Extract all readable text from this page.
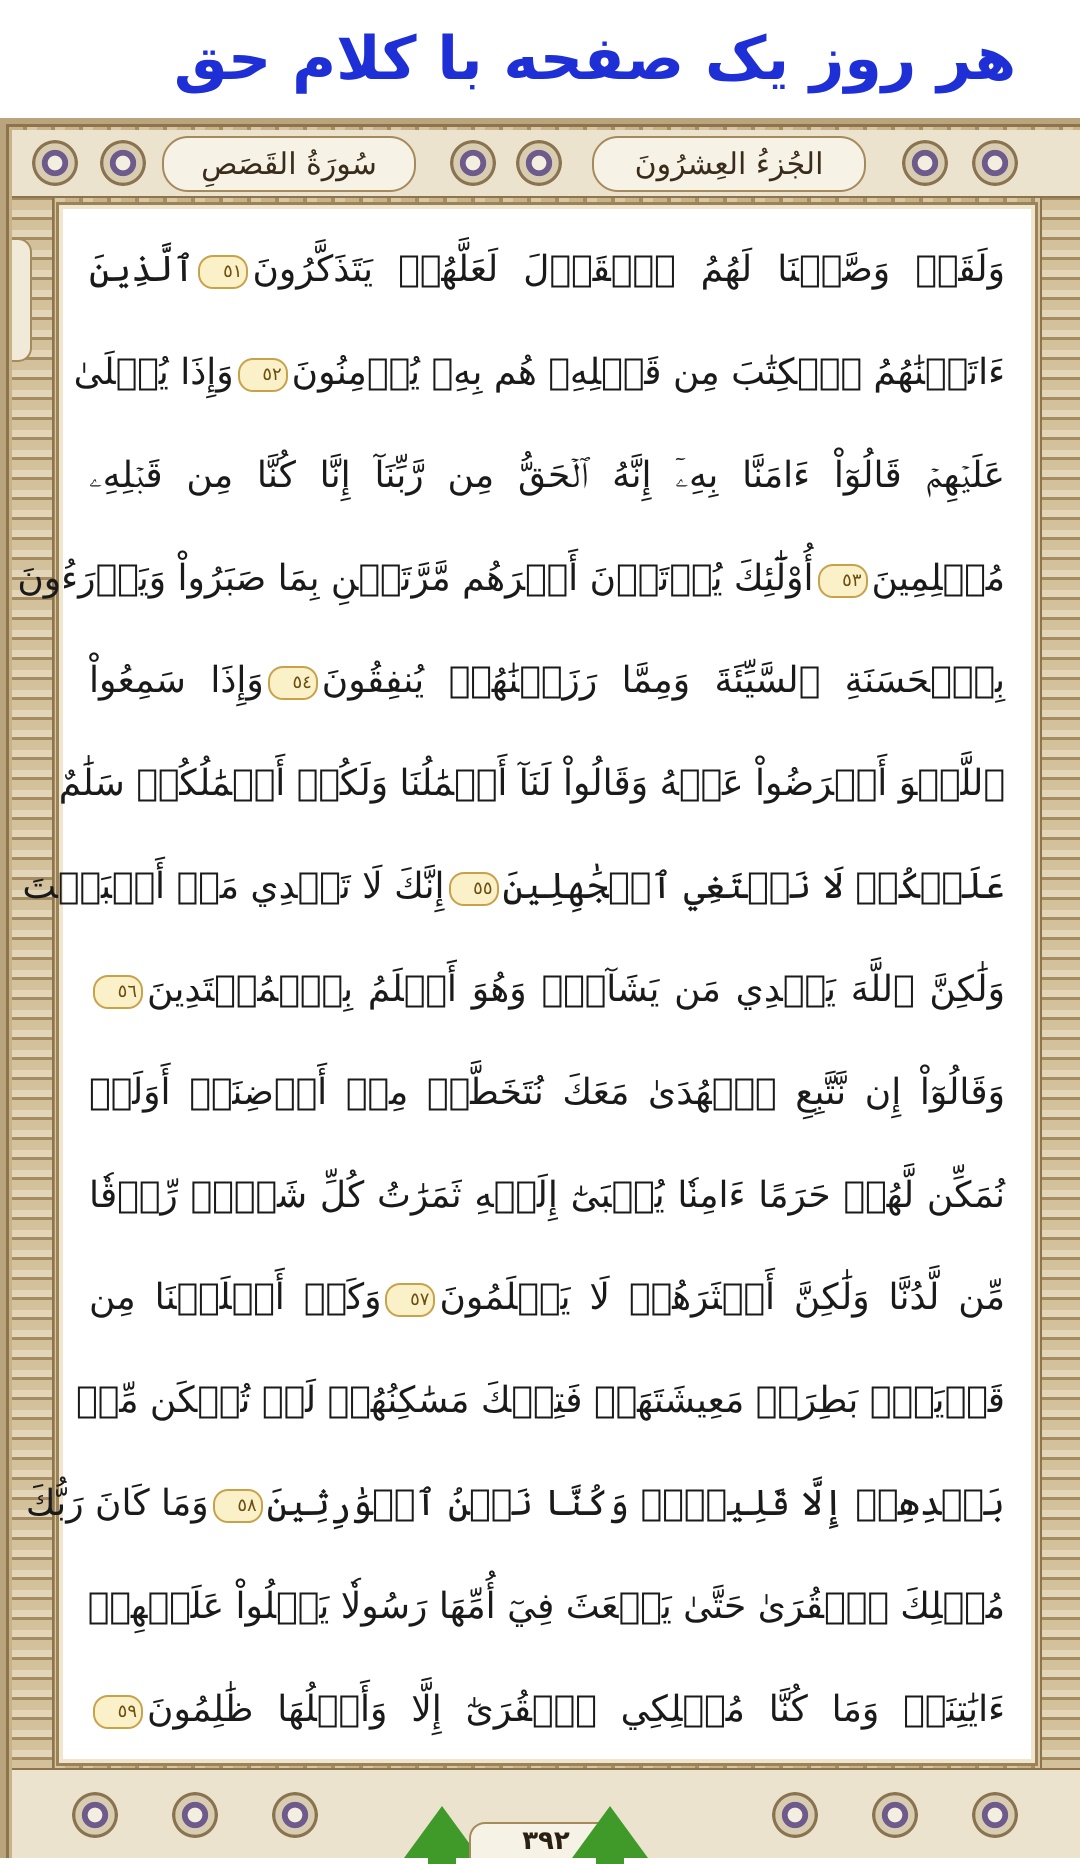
هر روز یک صفحه با کلام حق
سُورَةُ القَصَصِ	الجُزءُ العِشرُونَ
وَلَقَدۡ وَصَّلۡنَا لَهُمُ ٱلۡقَوۡلَ لَعَلَّهُمۡ يَتَذَكَّرُونَ٥١ٱلَّذِينَ
ءَاتَيۡنَٰهُمُ ٱلۡكِتَٰبَ مِن قَبۡلِهِۦ هُم بِهِۦ يُؤۡمِنُونَ٥٢وَإِذَا يُتۡلَىٰ
عَلَيۡهِمۡ قَالُوٓاْ ءَامَنَّا بِهِۦٓ إِنَّهُ ٱلۡحَقُّ مِن رَّبِّنَآ إِنَّا كُنَّا مِن قَبۡلِهِۦ
مُسۡلِمِينَ٥٣أُوْلَٰٓئِكَ يُؤۡتَوۡنَ أَجۡرَهُم مَّرَّتَيۡنِ بِمَا صَبَرُواْ وَيَدۡرَءُونَ
بِٱلۡحَسَنَةِ ٱلسَّيِّئَةَ وَمِمَّا رَزَقۡنَٰهُمۡ يُنفِقُونَ٥٤وَإِذَا سَمِعُواْ
ٱللَّغۡوَ أَعۡرَضُواْ عَنۡهُ وَقَالُواْ لَنَآ أَعۡمَٰلُنَا وَلَكُمۡ أَعۡمَٰلُكُمۡ سَلَٰمٌ
عَلَيۡكُمۡ لَا نَبۡتَغِي ٱلۡجَٰهِلِينَ٥٥إِنَّكَ لَا تَهۡدِي مَنۡ أَحۡبَبۡتَ
وَلَٰكِنَّ ٱللَّهَ يَهۡدِي مَن يَشَآءُۚ وَهُوَ أَعۡلَمُ بِٱلۡمُهۡتَدِينَ٥٦
وَقَالُوٓاْ إِن نَّتَّبِعِ ٱلۡهُدَىٰ مَعَكَ نُتَخَطَّفۡ مِنۡ أَرۡضِنَآۚ أَوَلَمۡ
نُمَكِّن لَّهُمۡ حَرَمًا ءَامِنٗا يُجۡبَىٰٓ إِلَيۡهِ ثَمَرَٰتُ كُلِّ شَيۡءٖ رِّزۡقٗا
مِّن لَّدُنَّا وَلَٰكِنَّ أَكۡثَرَهُمۡ لَا يَعۡلَمُونَ٥٧وَكَمۡ أَهۡلَكۡنَا مِن
قَرۡيَةِۭ بَطِرَتۡ مَعِيشَتَهَاۖ فَتِلۡكَ مَسَٰكِنُهُمۡ لَمۡ تُسۡكَن مِّنۢ
بَعۡدِهِمۡ إِلَّا قَلِيلٗاۖ وَكُنَّا نَحۡنُ ٱلۡوَٰرِثِينَ٥٨وَمَا كَانَ رَبُّكَ
مُهۡلِكَ ٱلۡقُرَىٰ حَتَّىٰ يَبۡعَثَ فِيٓ أُمِّهَا رَسُولٗا يَتۡلُواْ عَلَيۡهِمۡ
ءَايَٰتِنَاۚ وَمَا كُنَّا مُهۡلِكِي ٱلۡقُرَىٰٓ إِلَّا وَأَهۡلُهَا ظَٰلِمُونَ٥٩
۳۹۲
